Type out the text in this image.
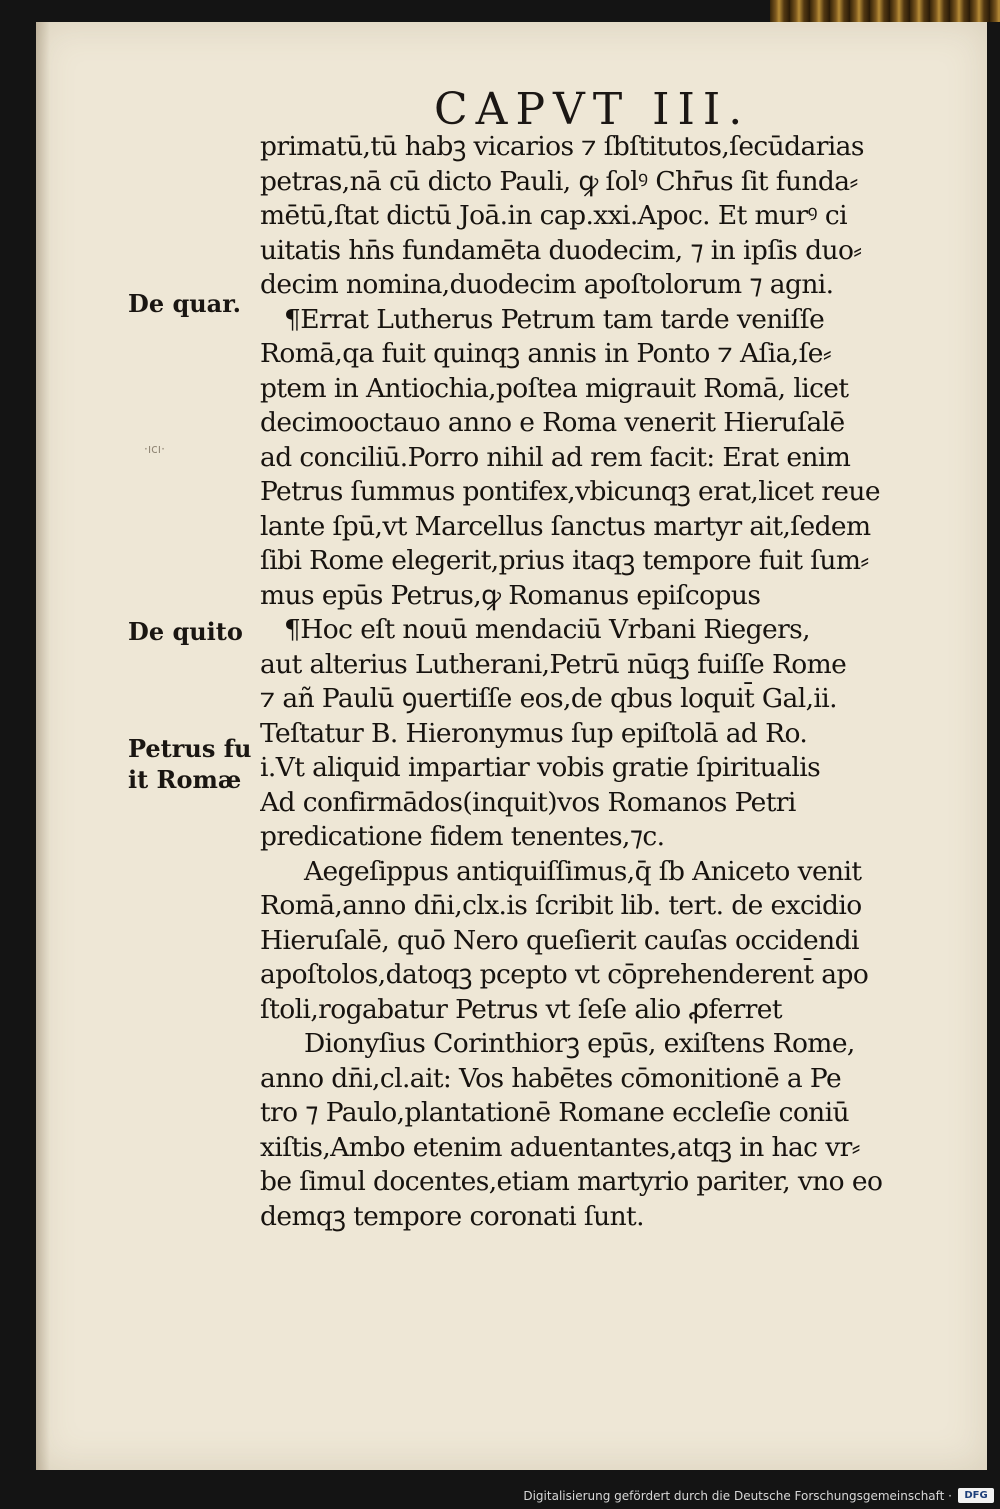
CAPVT III.
De quar.
·ıcı·
De quito
Petrus fu
it Romæ
primatū,tū habꝫ vicarios ⁊ ſbſtitutos,ſecūdarias
petras,nā cū dicto Pauli, ꝙ ſolꝰ Chr̄us ſit funda⸗
mētū,ſtat dictū Joā.in cap.xxi.Apoc. Et murꝰ ci
uitatis hn̄s fundamēta duodecim, ⁊ in ipſis duo⸗
decim nomina,duodecim apoſtolorum ⁊ agni.
¶Errat Lutherus Petrum tam tarde veniſſe
Romā,qa fuit quinqꝫ annis in Ponto ⁊ Aſia,ſe⸗
ptem in Antiochia,poſtea migrauit Romā, licet
decimooctauo anno e Roma venerit Hieruſalē
ad conciliū.Porro nihil ad rem facit: Erat enim
Petrus ſummus pontifex,vbicunqꝫ erat,licet reue
lante ſpū,vt Marcellus ſanctus martyr ait,ſedem
ſibi Rome elegerit,prius itaqꝫ tempore fuit ſum⸗
mus epūs Petrus,ꝙ Romanus epiſcopus
¶Hoc eſt nouū mendaciū Vrbani Riegers,
aut alterius Lutherani,Petrū nūqꝫ fuiſſe Rome
⁊ añ Paulū ꝯuertiſſe eos,de qbus loquit̄ Gal,ii.
Teſtatur B. Hieronymus ſup epiſtolā ad Ro.
i.Vt aliquid impartiar vobis gratie ſpiritualis
Ad confirmādos(inquit)vos Romanos Petri
predicatione fidem tenentes,⁊c.
Aegeſippus antiquiſſimus,q̄ ſb Aniceto venit
Romā,anno dn̄i,clx.is ſcribit lib. tert. de excidio
Hieruſalē, quō Nero queſierit cauſas occidendi
apoſtolos,datoqꝫ pcepto vt cōprehenderent̄ apo
ſtoli,rogabatur Petrus vt ſeſe alio ꝓferret
Dionyſius Corinthiorꝫ epūs, exiſtens Rome,
anno dn̄i,cl.ait: Vos habētes cōmonitionē a Pe
tro ⁊ Paulo,plantationē Romane eccleſie coniū
xiſtis,Ambo etenim aduentantes,atqꝫ in hac vr⸗
be ſimul docentes,etiam martyrio pariter, vno eo
demqꝫ tempore coronati ſunt.
Digitalisierung gefördert durch die Deutsche Forschungsgemeinschaft ·	DFG
